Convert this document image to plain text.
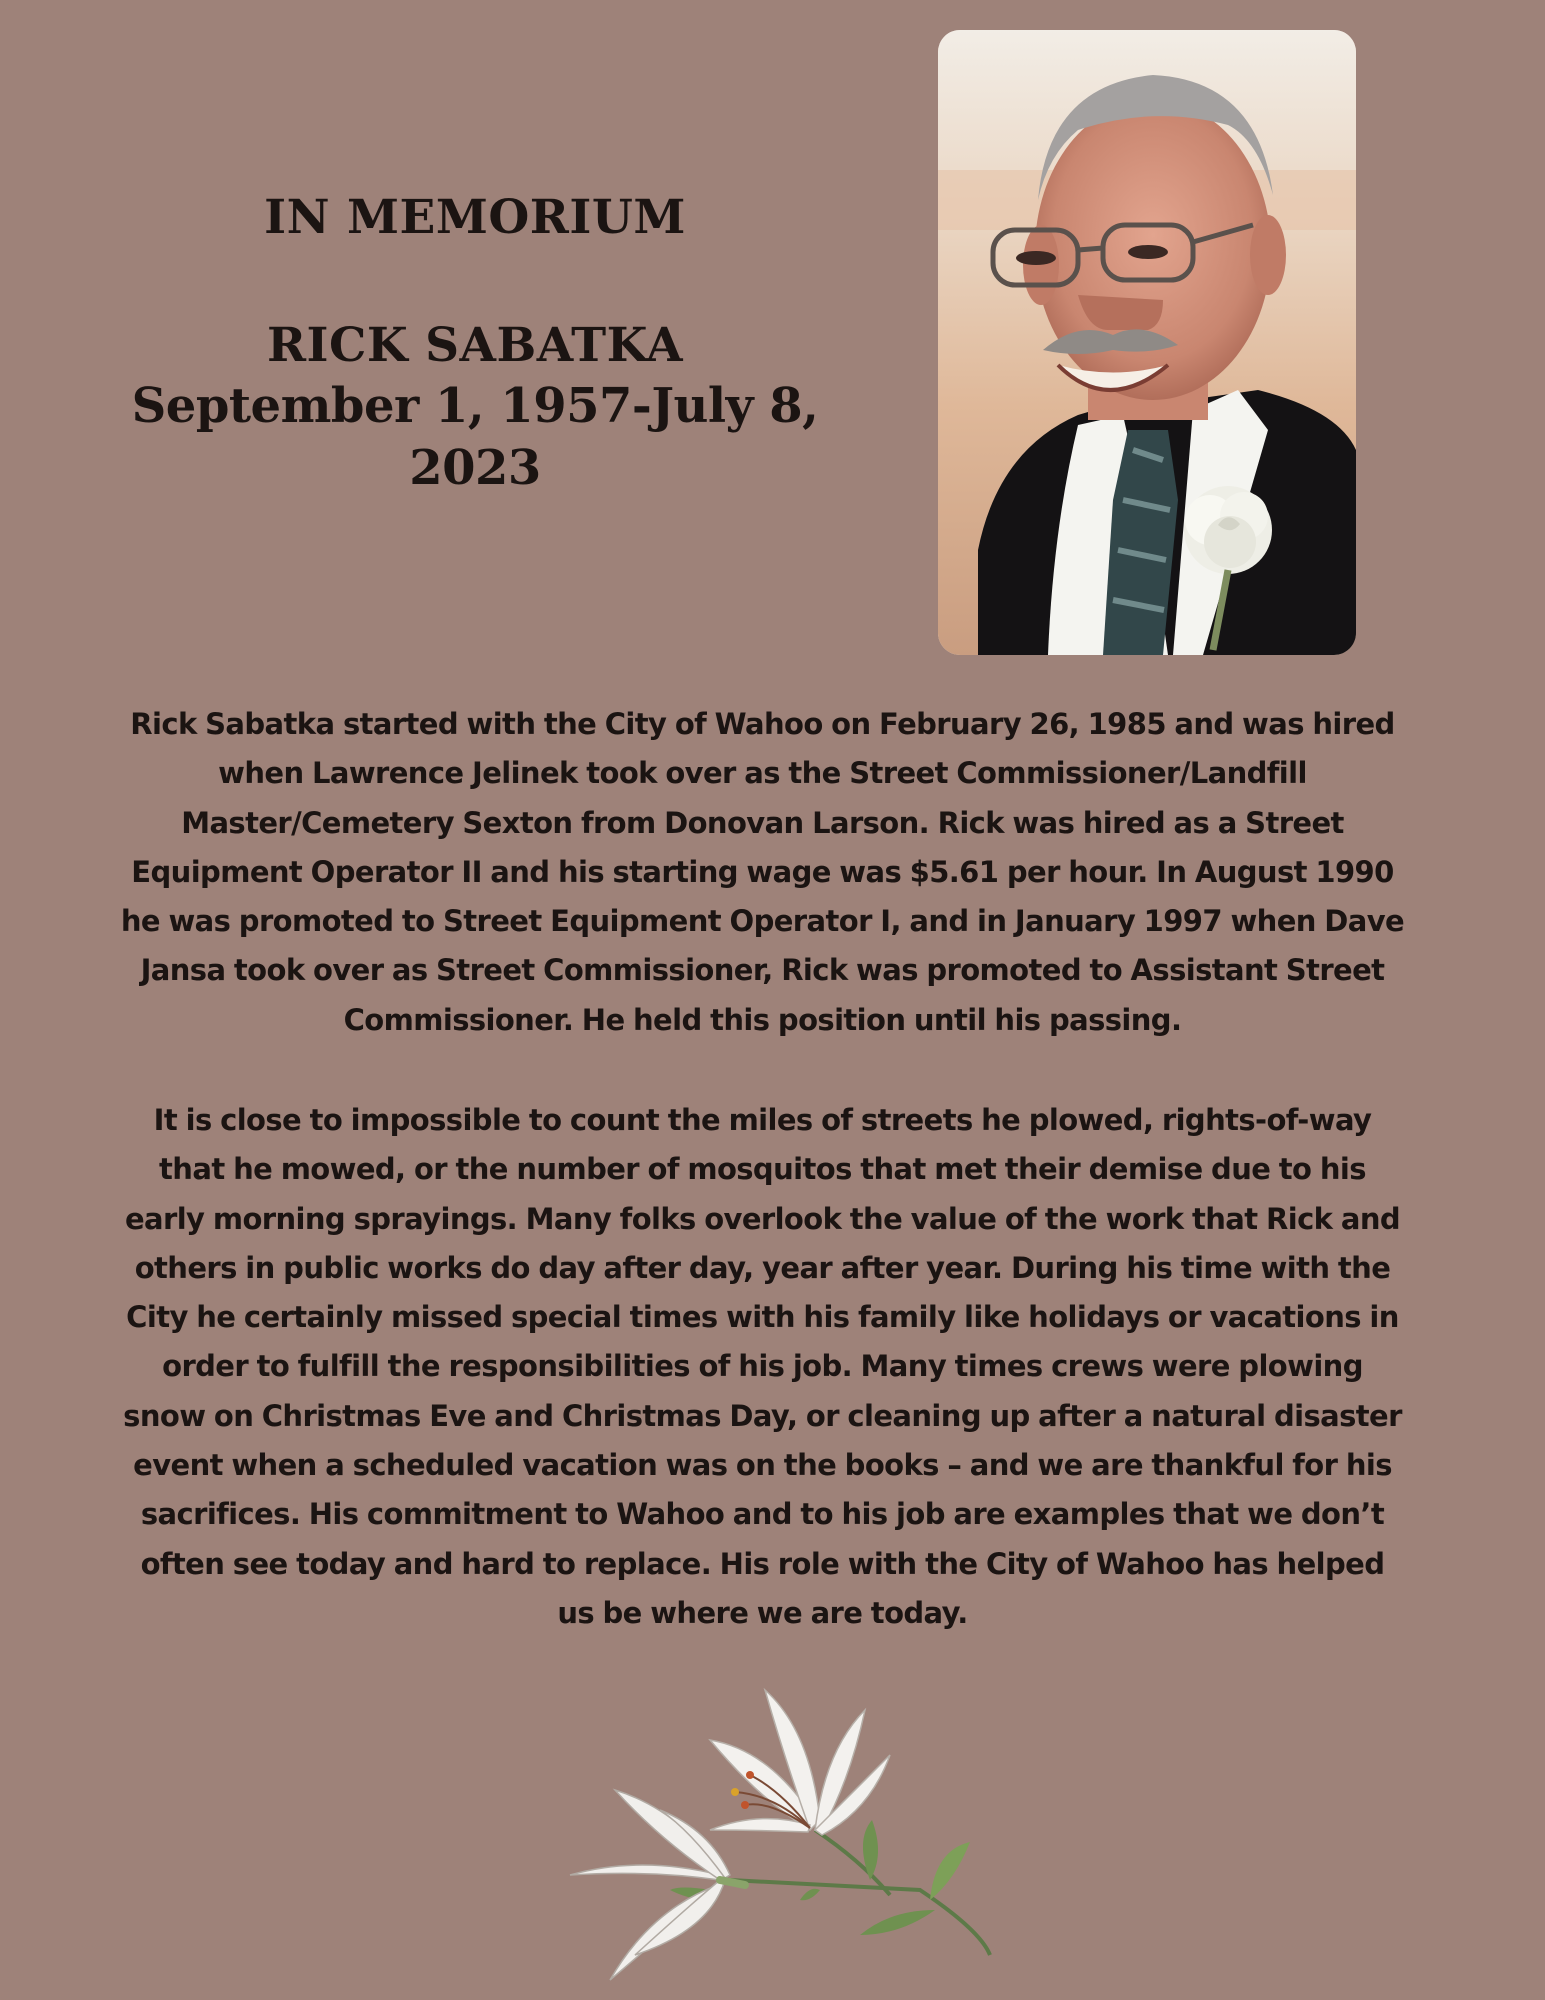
IN MEMORIUM
RICK SABATKA
September 1, 1957-July 8, 2023
Rick Sabatka started with the City of Wahoo on February 26, 1985 and was hired when Lawrence Jelinek took over as the Street Commissioner/Landfill Master/Cemetery Sexton from Donovan Larson. Rick was hired as a Street Equipment Operator II and his starting wage was $5.61 per hour. In August 1990 he was promoted to Street Equipment Operator I, and in January 1997 when Dave Jansa took over as Street Commissioner, Rick was promoted to Assistant Street Commissioner. He held this position until his passing.
It is close to impossible to count the miles of streets he plowed, rights-of-way that he mowed, or the number of mosquitos that met their demise due to his early morning sprayings. Many folks overlook the value of the work that Rick and others in public works do day after day, year after year. During his time with the City he certainly missed special times with his family like holidays or vacations in order to fulfill the responsibilities of his job. Many times crews were plowing snow on Christmas Eve and Christmas Day, or cleaning up after a natural disaster event when a scheduled vacation was on the books – and we are thankful for his sacrifices. His commitment to Wahoo and to his job are examples that we don’t often see today and hard to replace. His role with the City of Wahoo has helped us be where we are today.
